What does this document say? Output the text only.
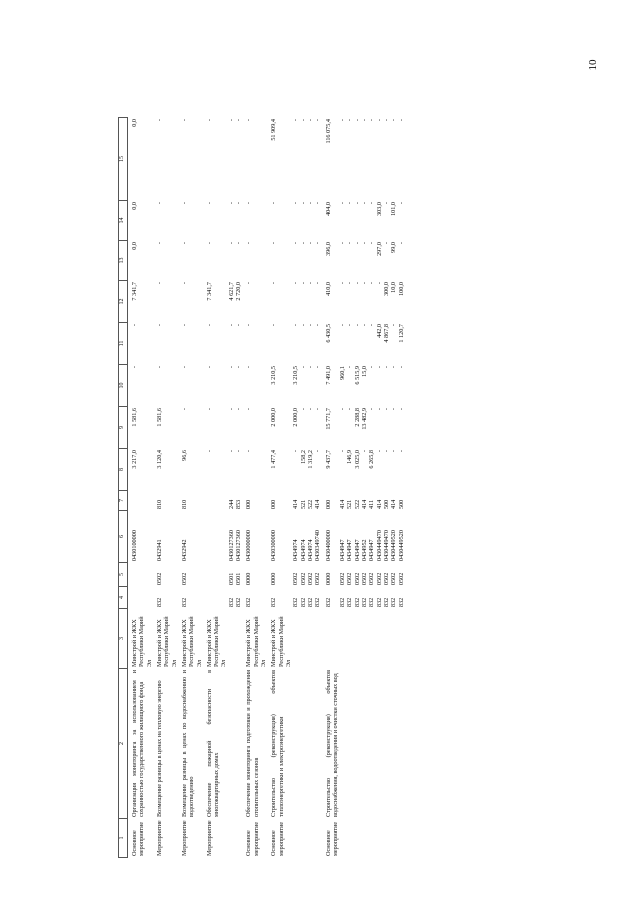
10
1	2	3	4	5	6	7	8	9	10	11	12	13	14	15
Основное мероприятие	Организация мониторинга за использованием и сохранностью государственного жилищного фонда	Минстрой и ЖКХ Республики Марий Эл			0430100000		3 217,0	1 581,6	-	-	7 341,7	0,0	0,0	0,0
Мероприятие	Возмещение разницы в ценах на тепловую энергию	Минстрой и ЖКХ Республики Марий Эл	832	0502	0432941	810	3 120,4	1 581,6	-	-	-	-	-	-
Мероприятие	Возмещение разницы в ценах по водоснабжению и водоотведению	Минстрой и ЖКХ Республики Марий Эл	832	0502	0432942	810	96,6	-	-	-	-	-	-	-
Мероприятие	Обеспечение пожарной безопасности в многоквартирных домах	Минстрой и ЖКХ Республики Марий Эл					-	-	-	-	7 341,7	-	-	-
			832	0501	0430127360	244	-	-	-	-	4 621,7	-	-	-
			832	0501	0430127360	853	-	-	-	-	2 720,0	-	-	-
Основное мероприятие	Обеспечение мониторинга подготовки и прохождения отопительных сезонов	Минстрой и ЖКХ Республики Марий Эл	832	0000	0430000000	000	-	-	-	-	-	-	-	-
Основное мероприятие	Строительство (реконструкция) объектов теплоэнергетики и электроэнергетики	Минстрой и ЖКХ Республики Марий Эл	832	0000	0430300000	000	1 477,4	2 000,0	3 210,5	-	-	-	-	51 909,4
			832	0502	0434974	414	-	2 000,0	3 210,5	-	-	-	-	-
			832	0502	0434974	521	158,2	-	-	-	-	-	-	-
			832	0502	0434974	522	1 319,2	-	-	-	-	-	-	-
			832	0502	0430349740	414	-	-	-	-	-	-	-	-
Основное мероприятие	Строительство (реконструкция) объектов водоснабжения, водоотведения и очистки сточных вод		832	0000	0430400000	000	9 437,7	15 771,7	7 491,0	6 430,5	410,0	396,0	404,0	116 075,4
			832	0502	0434947	414	-	-	960,1	-	-	-	-	-
			832	0502	0434947	521	146,9	-	-	-	-	-	-	-
			832	0502	0434947	522	3 025,0	2 288,8	6 515,9	-	-	-	-	-
			832	0502	0434952	414	-	13 482,9	15,0	-	-	-	-	-
			832	0502	0434947	411	6 265,8	-	-	-	-	-	-	-
			832	0502	0430449470	414	-	-	-	442,0	-	297,0	303,0	-
			832	0502	0430449470	500	-	-	-	4 867,8	300,0	-	-	-
			832	0502	0430449520	414	-	-	-	-	10,0	99,0	101,0	-
			832	0502	0430449520	500	-	-	-	1 120,7	100,0	-	-	-
